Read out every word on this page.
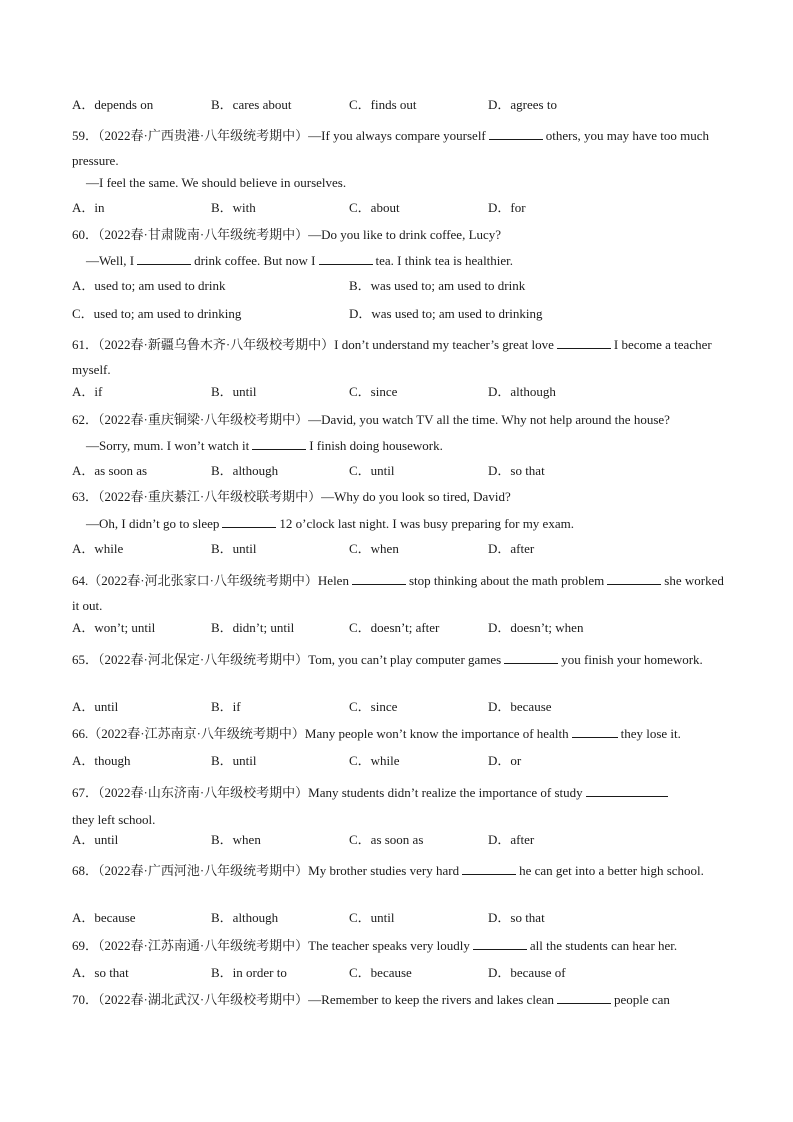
A．depends on	B．cares about	C．finds out	D．agrees to
59．（2022春·广西贵港·八年级统考期中）—If you always compare yourself	others, you may have too much pressure.
—I feel the same. We should believe in ourselves.
A．in	B．with	C．about	D．for
60．（2022春·甘肃陇南·八年级统考期中）—Do you like to drink coffee, Lucy?
—Well, I	drink coffee. But now I	tea. I think tea is healthier.
A．used to; am used to drink	B．was used to; am used to drink
C．used to; am used to drinking	D．was used to; am used to drinking
61．（2022春·新疆乌鲁木齐·八年级校考期中）I don’t understand my teacher’s great love	I become a teacher myself.
A．if	B．until	C．since	D．although
62．（2022春·重庆铜梁·八年级校考期中）—David, you watch TV all the time. Why not help around the house?
—Sorry, mum. I won’t watch it	I finish doing housework.
A．as soon as	B．although	C．until	D．so that
63．（2022春·重庆綦江·八年级校联考期中）—Why do you look so tired, David?
—Oh, I didn’t go to sleep	12 o’clock last night. I was busy preparing for my exam.
A．while	B．until	C．when	D．after
64.（2022春·河北张家口·八年级统考期中）Helen	stop thinking about the math problem	she worked it out.
A．won’t; until	B．didn’t; until	C．doesn’t; after	D．doesn’t; when
65．（2022春·河北保定·八年级统考期中）Tom, you can’t play computer games	you finish your homework.
A．until	B．if	C．since	D．because
66.（2022春·江苏南京·八年级统考期中）Many people won’t know the importance of health	they lose it.
A．though	B．until	C．while	D．or
67．（2022春·山东济南·八年级校考期中）Many students didn’t realize the importance of study
they left school.
A．until	B．when	C．as soon as	D．after
68．（2022春·广西河池·八年级统考期中）My brother studies very hard	he can get into a better high school.
A．because	B．although	C．until	D．so that
69．（2022春·江苏南通·八年级统考期中）The teacher speaks very loudly	all the students can hear her.
A．so that	B．in order to	C．because	D．because of
70．（2022春·湖北武汉·八年级校考期中）—Remember to keep the rivers and lakes clean	people can
